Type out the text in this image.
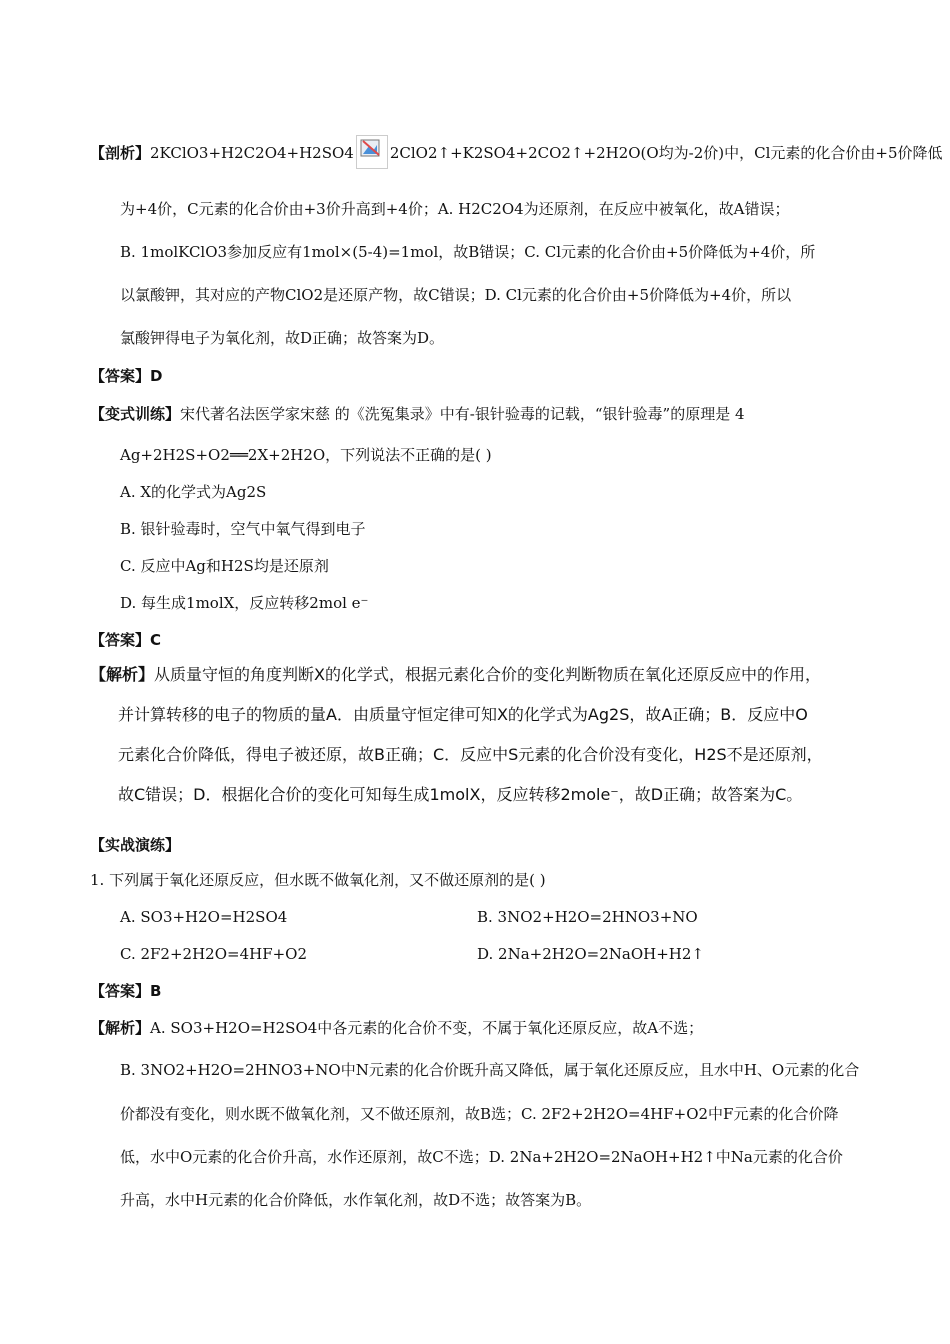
【剖析】2KClO3+H2C2O4+H2SO4 2ClO2↑+K2SO4+2CO2↑+2H2O(O均为-2价)中，Cl元素的化合价由+5价降低
为+4价，C元素的化合价由+3价升高到+4价；A. H2C2O4为还原剂，在反应中被氧化，故A错误；
B. 1molKClO3参加反应有1mol×(5-4)=1mol，故B错误；C. Cl元素的化合价由+5价降低为+4价，所
以氯酸钾，其对应的产物ClO2是还原产物，故C错误；D. Cl元素的化合价由+5价降低为+4价，所以
氯酸钾得电子为氧化剂，故D正确；故答案为D。
【答案】D
【变式训练】宋代著名法医学家宋慈 的《洗冤集录》中有-银针验毒的记载，“银针验毒”的原理是 4
Ag+2H2S+O2══2X+2H2O，下列说法不正确的是( )
A. X的化学式为Ag2S
B. 银针验毒时，空气中氧气得到电子
C. 反应中Ag和H2S均是还原剂
D. 每生成1molX，反应转移2mol e⁻
【答案】C
【解析】从质量守恒的角度判断X的化学式，根据元素化合价的变化判断物质在氧化还原反应中的作用，
并计算转移的电子的物质的量A．由质量守恒定律可知X的化学式为Ag2S，故A正确；B．反应中O
元素化合价降低，得电子被还原，故B正确；C．反应中S元素的化合价没有变化，H2S不是还原剂，
故C错误；D．根据化合价的变化可知每生成1molX，反应转移2mole⁻，故D正确；故答案为C。
【实战演练】
1. 下列属于氧化还原反应，但水既不做氧化剂，又不做还原剂的是( )
A. SO3+H2O=H2SO4	B. 3NO2+H2O=2HNO3+NO
C. 2F2+2H2O=4HF+O2	D. 2Na+2H2O=2NaOH+H2↑
【答案】B
【解析】A. SO3+H2O=H2SO4中各元素的化合价不变，不属于氧化还原反应，故A不选；
B. 3NO2+H2O=2HNO3+NO中N元素的化合价既升高又降低，属于氧化还原反应，且水中H、O元素的化合
价都没有变化，则水既不做氧化剂，又不做还原剂，故B选；C. 2F2+2H2O=4HF+O2中F元素的化合价降
低，水中O元素的化合价升高，水作还原剂，故C不选；D. 2Na+2H2O=2NaOH+H2↑中Na元素的化合价
升高，水中H元素的化合价降低，水作氧化剂，故D不选；故答案为B。
